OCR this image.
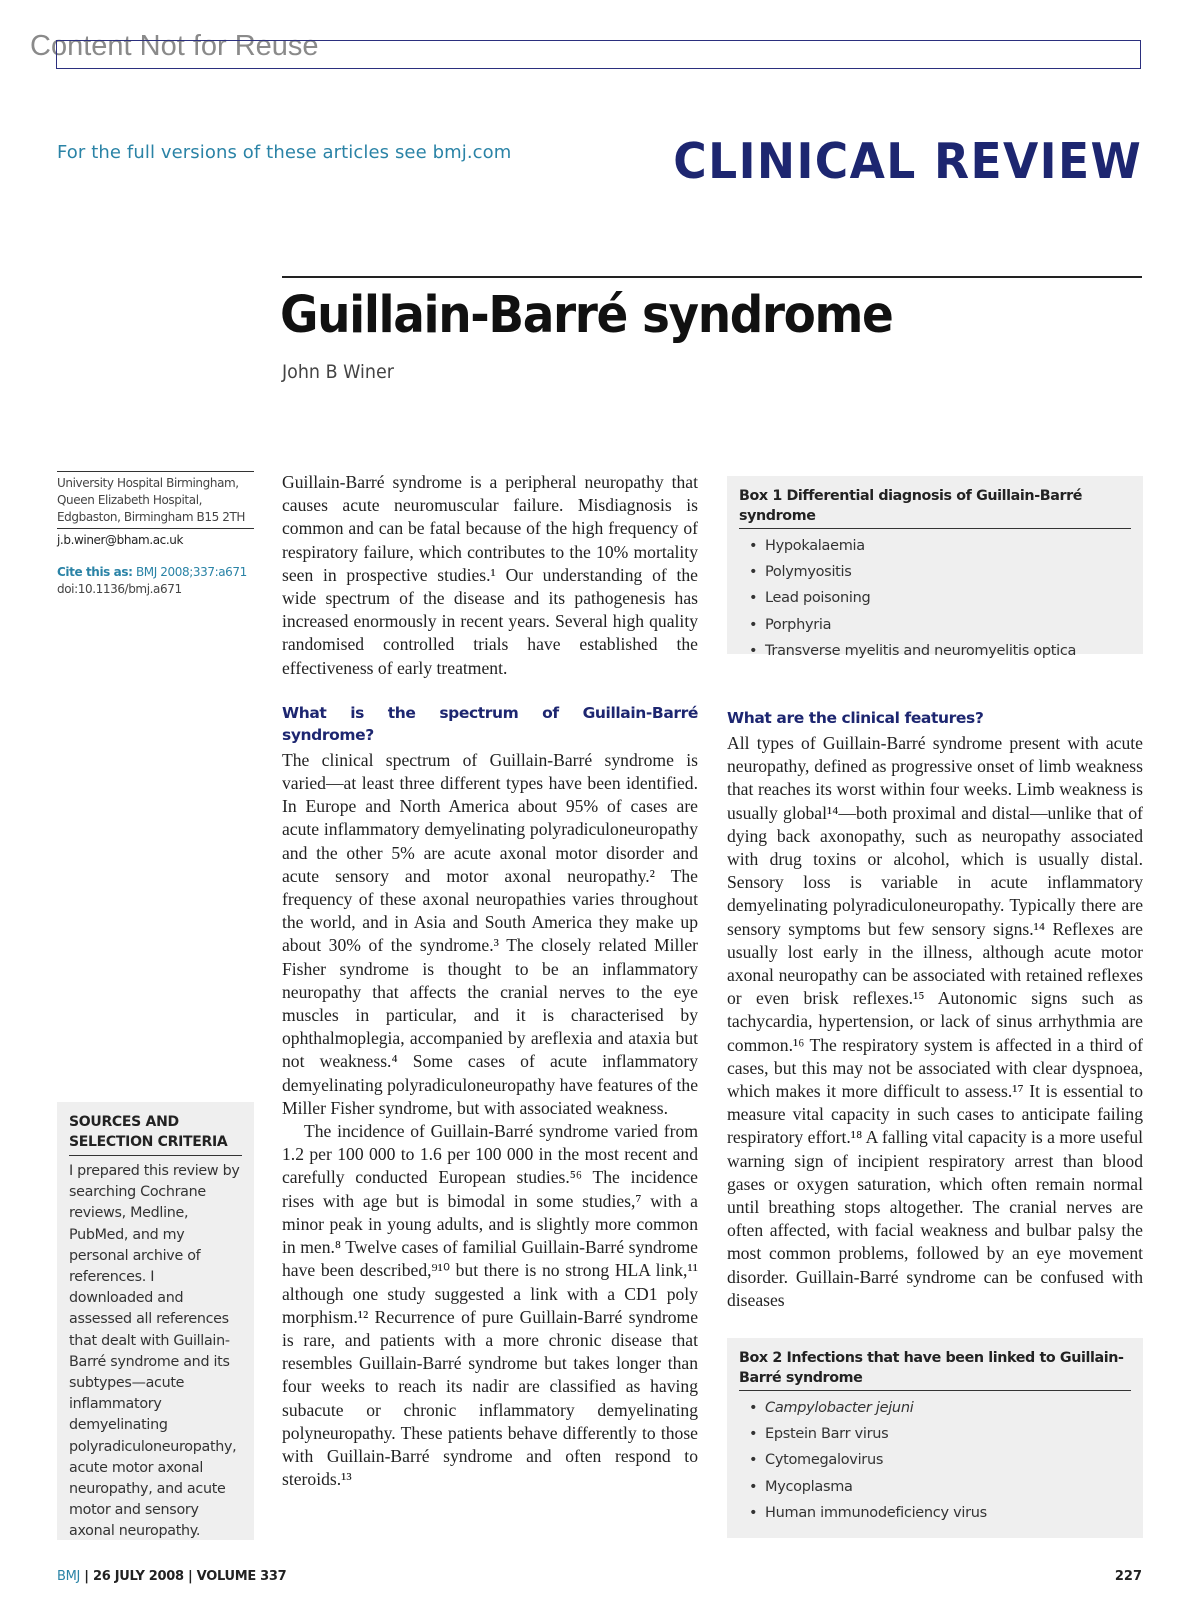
Content Not for Reuse
For the full versions of these articles see bmj.com	CLINICAL REVIEW
Guillain-Barré syndrome
John B Winer
University Hospital Birmingham, Queen Elizabeth Hospital, Edgbaston, Birmingham B15 2TH
j.b.winer@bham.ac.uk
Cite this as: BMJ 2008;337:a671
doi:10.1136/bmj.a671
SOURCES AND SELECTION CRITERIA

I prepared this review by searching Cochrane reviews, Medline, PubMed, and my personal archive of references. I downloaded and assessed all references that dealt with Guillain-Barré syndrome and its subtypes—acute inflammatory demyelinating polyradiculoneuropathy, acute motor axonal neuropathy, and acute motor and sensory axonal neuropathy.

Guillain-Barré syndrome is a peripheral neuropathy that causes acute neuromuscular failure. Misdiagnosis is common and can be fatal because of the high frequency of respiratory failure, which contributes to the 10% mortality seen in prospective studies.¹ Our understanding of the wide spectrum of the disease and its pathogenesis has increased enormously in recent years. Several high quality randomised controlled trials have established the effectiveness of early treatment.

What is the spectrum of Guillain-Barré syndrome?

The clinical spectrum of Guillain-Barré syndrome is varied—at least three different types have been identified. In Europe and North America about 95% of cases are acute inflammatory demyelinating polyradiculoneuropathy and the other 5% are acute axonal motor disorder and acute sensory and motor axonal neuropathy.² The frequency of these axonal neuropathies varies throughout the world, and in Asia and South America they make up about 30% of the syndrome.³ The closely related Miller Fisher syndrome is thought to be an inflammatory neuropathy that affects the cranial nerves to the eye muscles in particular, and it is characterised by ophthalmoplegia, accompanied by areflexia and ataxia but not weakness.⁴ Some cases of acute inflammatory demyelinating polyradiculoneuropathy have features of the Miller Fisher syndrome, but with associated weakness.

The incidence of Guillain-Barré syndrome varied from 1.2 per 100 000 to 1.6 per 100 000 in the most recent and carefully conducted European studies.⁵⁶ The incidence rises with age but is bimodal in some studies,⁷ with a minor peak in young adults, and is slightly more common in men.⁸ Twelve cases of familial Guillain-Barré syndrome have been described,⁹¹⁰ but there is no strong HLA link,¹¹ although one study suggested a link with a CD1 poly morphism.¹² Recurrence of pure Guillain-Barré syndrome is rare, and patients with a more chronic disease that resembles Guillain-Barré syndrome but takes longer than four weeks to reach its nadir are classified as having subacute or chronic inflammatory demyelinating polyneuropathy. These patients behave differently to those with Guillain-Barré syndrome and often respond to steroids.¹³

Box 1 Differential diagnosis of Guillain-Barré syndrome
• Hypokalaemia
• Polymyositis
• Lead poisoning
• Porphyria
• Transverse myelitis and neuromyelitis optica
What are the clinical features?

All types of Guillain-Barré syndrome present with acute neuropathy, defined as progressive onset of limb weakness that reaches its worst within four weeks. Limb weakness is usually global¹⁴—both proximal and distal—unlike that of dying back axonopathy, such as neuropathy associated with drug toxins or alcohol, which is usually distal. Sensory loss is variable in acute inflammatory demyelinating polyradiculoneuropathy. Typically there are sensory symptoms but few sensory signs.¹⁴ Reflexes are usually lost early in the illness, although acute motor axonal neuropathy can be associated with retained reflexes or even brisk reflexes.¹⁵ Autonomic signs such as tachycardia, hypertension, or lack of sinus arrhythmia are common.¹⁶ The respiratory system is affected in a third of cases, but this may not be associated with clear dyspnoea, which makes it more difficult to assess.¹⁷ It is essential to measure vital capacity in such cases to anticipate failing respiratory effort.¹⁸ A falling vital capacity is a more useful warning sign of incipient respiratory arrest than blood gases or oxygen saturation, which often remain normal until breathing stops altogether. The cranial nerves are often affected, with facial weakness and bulbar palsy the most common problems, followed by an eye movement disorder. Guillain-Barré syndrome can be confused with diseases

Box 2 Infections that have been linked to Guillain-Barré syndrome
• Campylobacter jejuni
• Epstein Barr virus
• Cytomegalovirus
• Mycoplasma
• Human immunodeficiency virus
BMJ | 26 JULY 2008 | VOLUME 337	227
